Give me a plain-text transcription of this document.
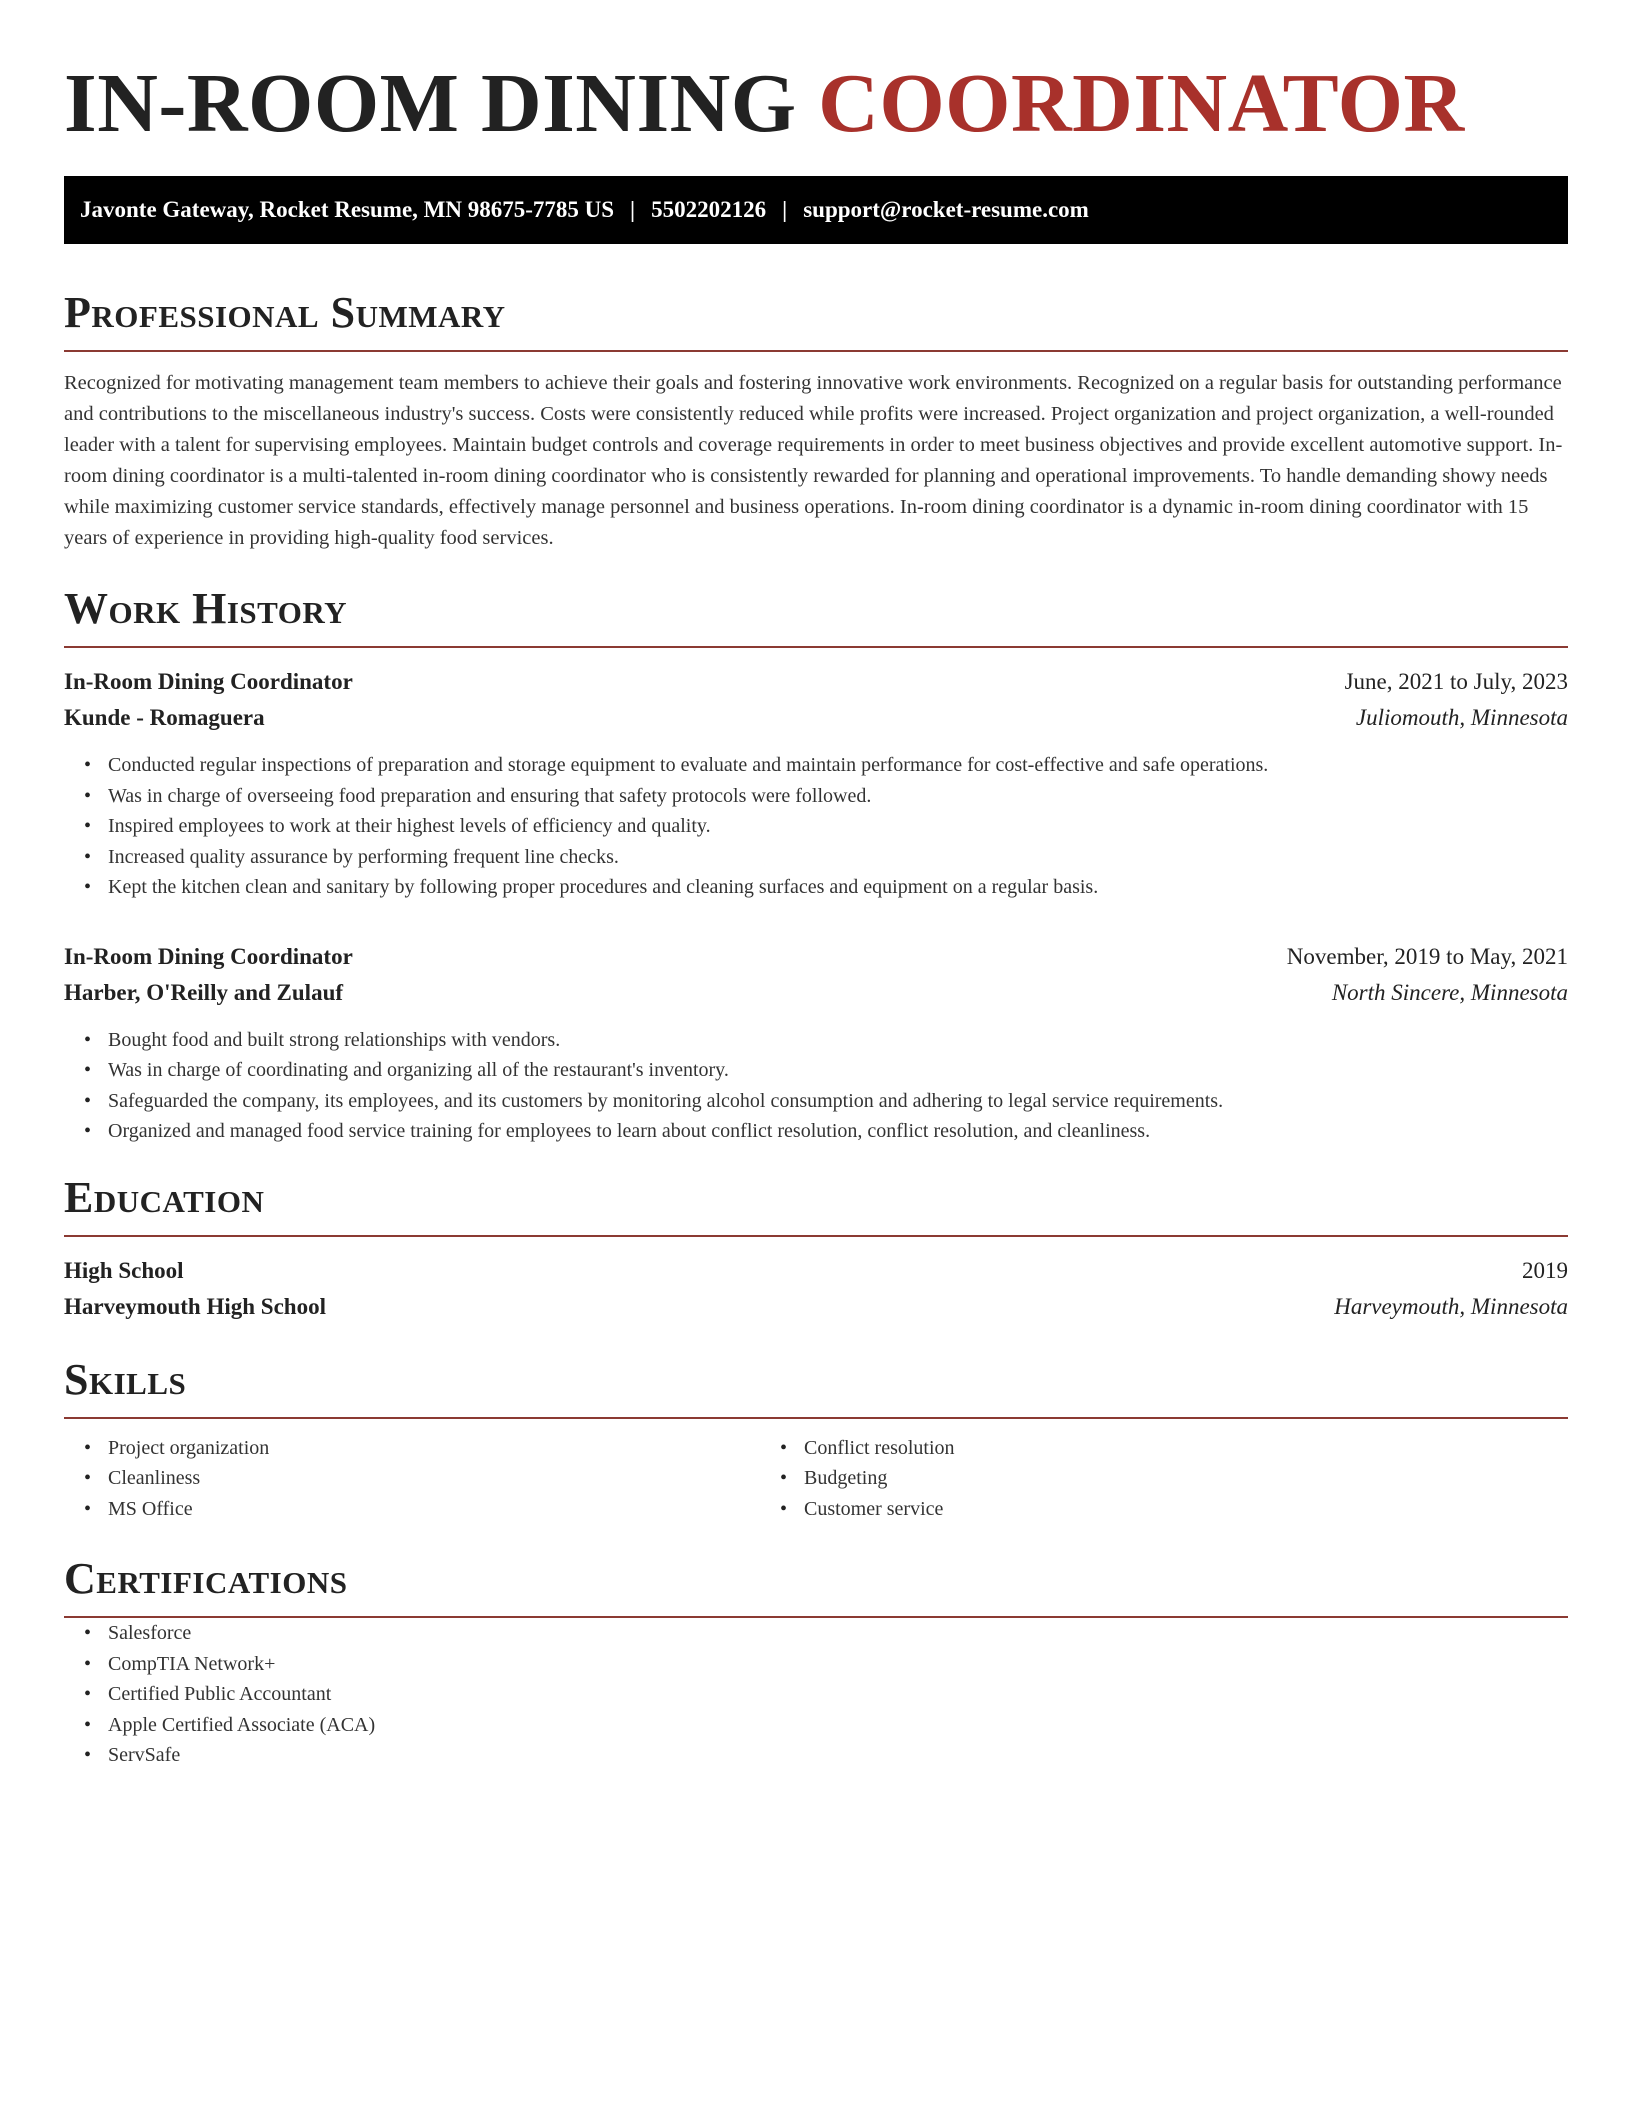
IN-ROOM DINING COORDINATOR
Javonte Gateway, Rocket Resume, MN 98675-7785 US | 5502202126 | support@rocket-resume.com
Professional Summary

Recognized for motivating management team members to achieve their goals and fostering innovative work environments. Recognized on a regular basis for outstanding performance and contributions to the miscellaneous industry's success. Costs were consistently reduced while profits were increased. Project organization and project organization, a well-rounded leader with a talent for supervising employees. Maintain budget controls and coverage requirements in order to meet business objectives and provide excellent automotive support. In-room dining coordinator is a multi-talented in-room dining coordinator who is consistently rewarded for planning and operational improvements. To handle demanding showy needs while maximizing customer service standards, effectively manage personnel and business operations. In-room dining coordinator is a dynamic in-room dining coordinator with 15 years of experience in providing high-quality food services.

Work History
In-Room Dining Coordinator	June, 2021 to July, 2023
Kunde - Romaguera	Juliomouth, Minnesota
• Conducted regular inspections of preparation and storage equipment to evaluate and maintain performance for cost-effective and safe operations.
• Was in charge of overseeing food preparation and ensuring that safety protocols were followed.
• Inspired employees to work at their highest levels of efficiency and quality.
• Increased quality assurance by performing frequent line checks.
• Kept the kitchen clean and sanitary by following proper procedures and cleaning surfaces and equipment on a regular basis.
In-Room Dining Coordinator	November, 2019 to May, 2021
Harber, O'Reilly and Zulauf	North Sincere, Minnesota
• Bought food and built strong relationships with vendors.
• Was in charge of coordinating and organizing all of the restaurant's inventory.
• Safeguarded the company, its employees, and its customers by monitoring alcohol consumption and adhering to legal service requirements.
• Organized and managed food service training for employees to learn about conflict resolution, conflict resolution, and cleanliness.
Education
High School	2019
Harveymouth High School	Harveymouth, Minnesota
Skills
• Project organization
• Cleanliness
• MS Office
• Conflict resolution
• Budgeting
• Customer service
Certifications
• Salesforce
• CompTIA Network+
• Certified Public Accountant
• Apple Certified Associate (ACA)
• ServSafe
